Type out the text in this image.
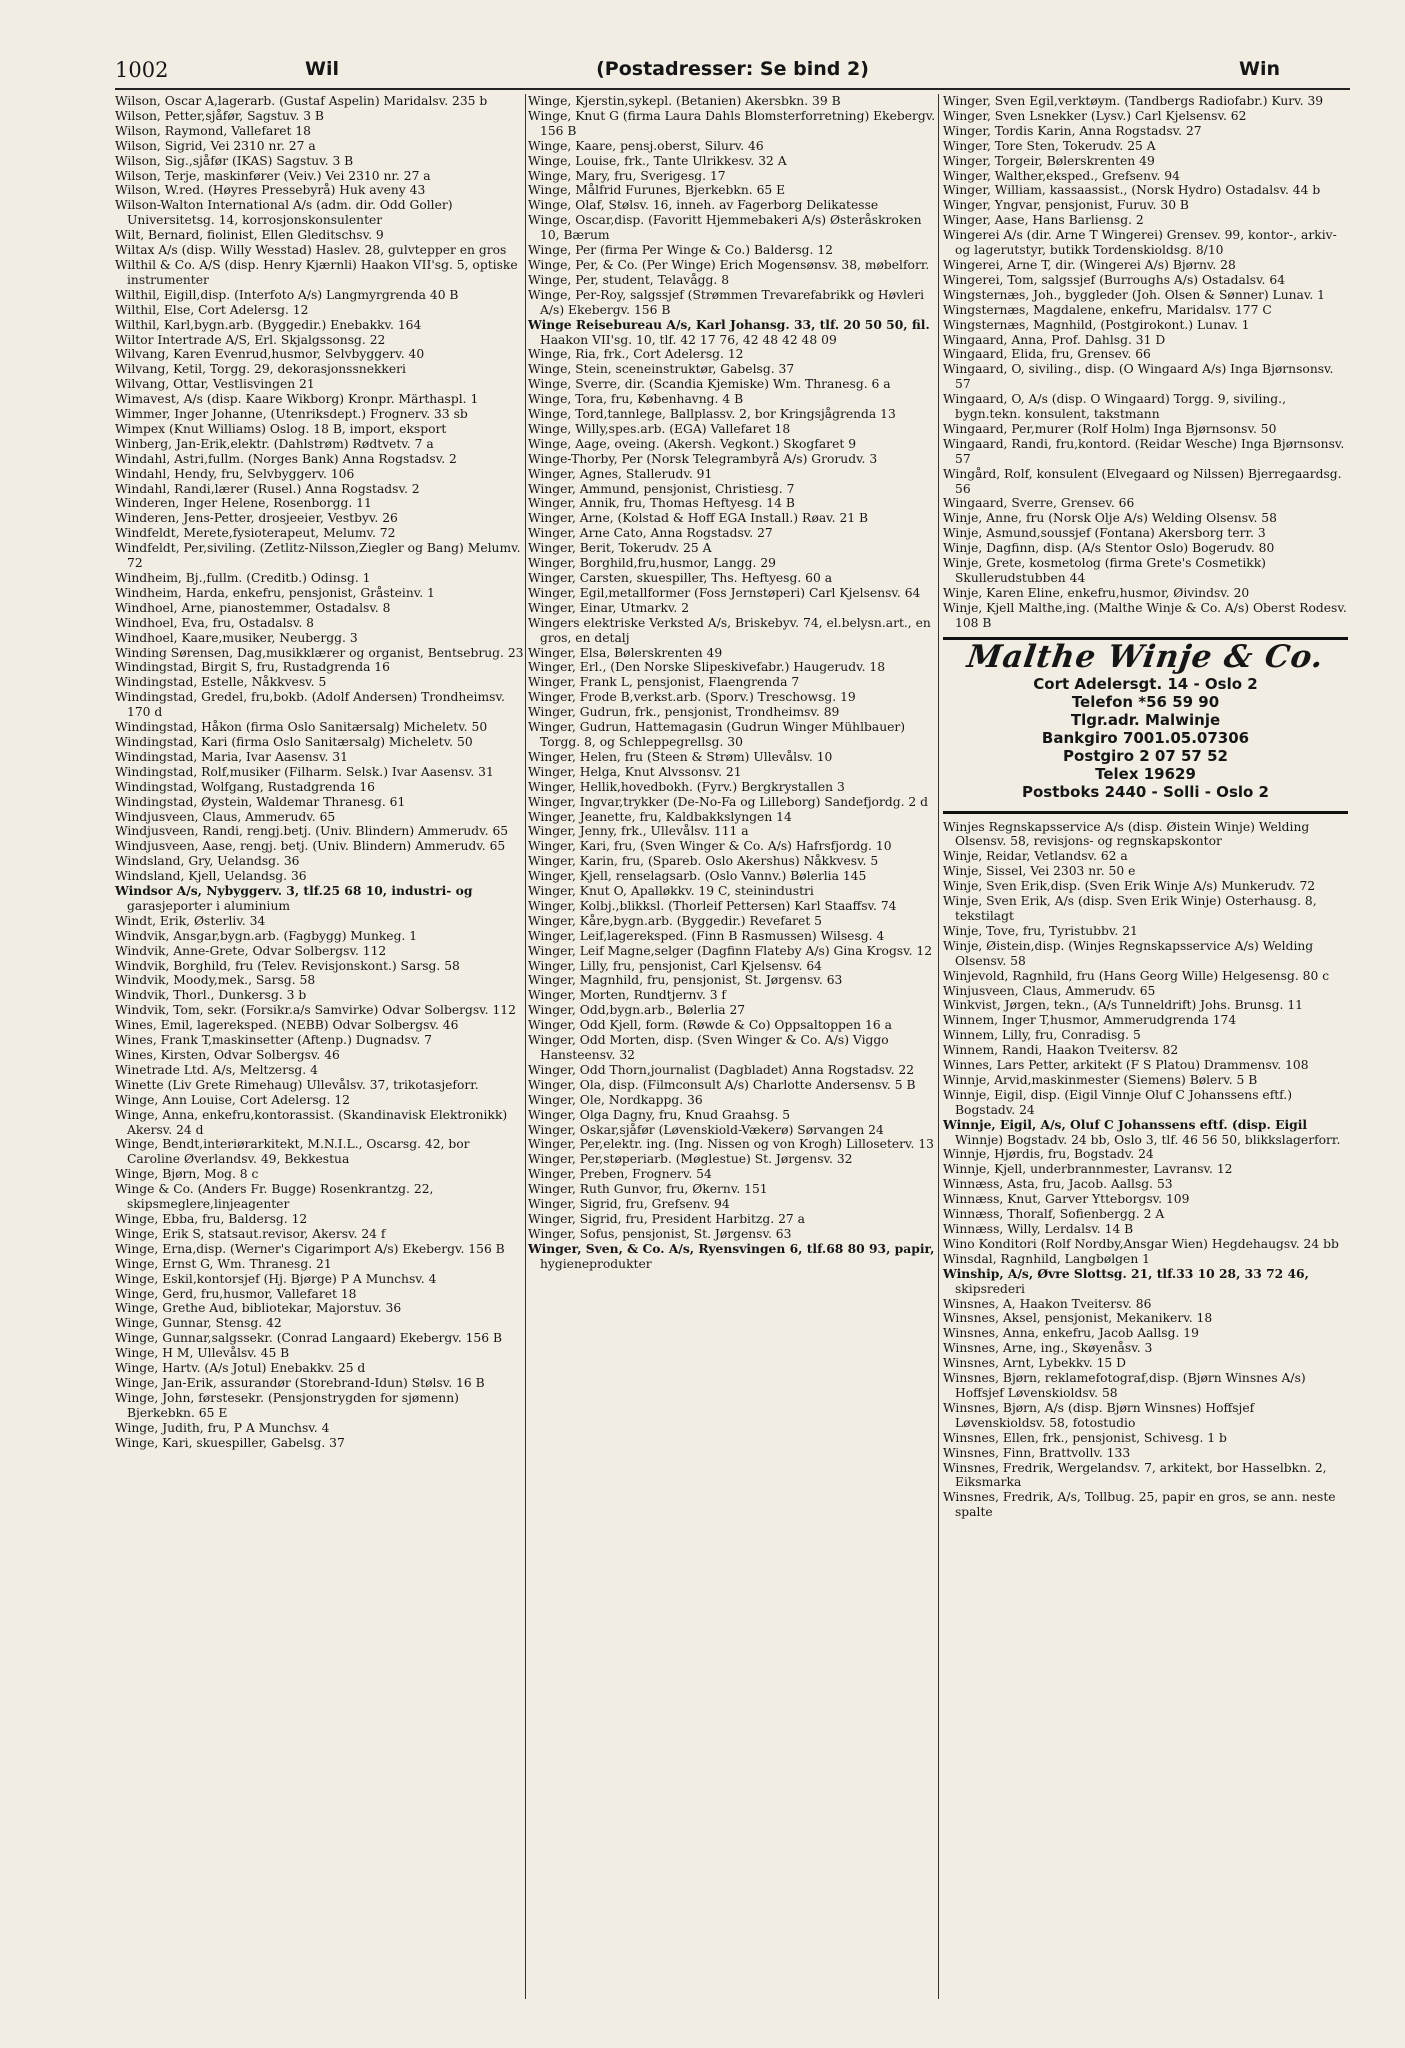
1002	Wil	(Postadresser: Se bind 2)	Win
Wilson, Oscar A,lagerarb. (Gustaf Aspelin) Maridalsv. 235 b
Wilson, Petter,sjåfør, Sagstuv. 3 B
Wilson, Raymond, Vallefaret 18
Wilson, Sigrid, Vei 2310 nr. 27 a
Wilson, Sig.,sjåfør (IKAS) Sagstuv. 3 B
Wilson, Terje, maskinfører (Veiv.) Vei 2310 nr. 27 a
Wilson, W.red. (Høyres Pressebyrå) Huk aveny 43
Wilson-Walton International A/s (adm. dir. Odd Goller) Universitetsg. 14, korrosjonskonsulenter
Wilt, Bernard, fiolinist, Ellen Gleditschsv. 9
Wiltax A/s (disp. Willy Wesstad) Haslev. 28, gulvtepper en gros
Wilthil & Co. A/S (disp. Henry Kjærnli) Haakon VII'sg. 5, optiske instrumenter
Wilthil, Eigill,disp. (Interfoto A/s) Langmyrgrenda 40 B
Wilthil, Else, Cort Adelersg. 12
Wilthil, Karl,bygn.arb. (Byggedir.) Enebakkv. 164
Wiltor Intertrade A/S, Erl. Skjalgssonsg. 22
Wilvang, Karen Evenrud,husmor, Selvbyggerv. 40
Wilvang, Ketil, Torgg. 29, dekorasjonssnekkeri
Wilvang, Ottar, Vestlisvingen 21
Wimavest, A/s (disp. Kaare Wikborg) Kronpr. Märthaspl. 1
Wimmer, Inger Johanne, (Utenriksdept.) Frognerv. 33 sb
Wimpex (Knut Williams) Oslog. 18 B, import, eksport
Winberg, Jan-Erik,elektr. (Dahlstrøm) Rødtvetv. 7 a
Windahl, Astri,fullm. (Norges Bank) Anna Rogstadsv. 2
Windahl, Hendy, fru, Selvbyggerv. 106
Windahl, Randi,lærer (Rusel.) Anna Rogstadsv. 2
Winderen, Inger Helene, Rosenborgg. 11
Winderen, Jens-Petter, drosjeeier, Vestbyv. 26
Windfeldt, Merete,fysioterapeut, Melumv. 72
Windfeldt, Per,siviling. (Zetlitz-Nilsson,Ziegler og Bang) Melumv. 72
Windheim, Bj.,fullm. (Creditb.) Odinsg. 1
Windheim, Harda, enkefru, pensjonist, Gråsteinv. 1
Windhoel, Arne, pianostemmer, Ostadalsv. 8
Windhoel, Eva, fru, Ostadalsv. 8
Windhoel, Kaare,musiker, Neubergg. 3
Winding Sørensen, Dag,musikklærer og organist, Bentsebrug. 23
Windingstad, Birgit S, fru, Rustadgrenda 16
Windingstad, Estelle, Nåkkvesv. 5
Windingstad, Gredel, fru,bokb. (Adolf Andersen) Trondheimsv. 170 d
Windingstad, Håkon (firma Oslo Sanitærsalg) Micheletv. 50
Windingstad, Kari (firma Oslo Sanitærsalg) Micheletv. 50
Windingstad, Maria, Ivar Aasensv. 31
Windingstad, Rolf,musiker (Filharm. Selsk.) Ivar Aasensv. 31
Windingstad, Wolfgang, Rustadgrenda 16
Windingstad, Øystein, Waldemar Thranesg. 61
Windjusveen, Claus, Ammerudv. 65
Windjusveen, Randi, rengj.betj. (Univ. Blindern) Ammerudv. 65
Windjusveen, Aase, rengj. betj. (Univ. Blindern) Ammerudv. 65
Windsland, Gry, Uelandsg. 36
Windsland, Kjell, Uelandsg. 36
Windsor A/s, Nybyggerv. 3, tlf.25 68 10, industri- og garasjeporter i aluminium
Windt, Erik, Østerliv. 34
Windvik, Ansgar,bygn.arb. (Fagbygg) Munkeg. 1
Windvik, Anne-Grete, Odvar Solbergsv. 112
Windvik, Borghild, fru (Telev. Revisjonskont.) Sarsg. 58
Windvik, Moody,mek., Sarsg. 58
Windvik, Thorl., Dunkersg. 3 b
Windvik, Tom, sekr. (Forsikr.a/s Samvirke) Odvar Solbergsv. 112
Wines, Emil, lagereksped. (NEBB) Odvar Solbergsv. 46
Wines, Frank T,maskinsetter (Aftenp.) Dugnadsv. 7
Wines, Kirsten, Odvar Solbergsv. 46
Winetrade Ltd. A/s, Meltzersg. 4
Winette (Liv Grete Rimehaug) Ullevålsv. 37, trikotasjefo​rr.
Winge, Ann Louise, Cort Adelersg. 12
Winge, Anna, enkefru,kontorassist. (Skandinavisk Elektronikk) Akersv. 24 d
Winge, Bendt,interiørarkitekt, M.N.I.L., Oscarsg. 42, bor Caroline Øverlandsv. 49, Bekkestua
Winge, Bjørn, Mog. 8 c
Winge & Co. (Anders Fr. Bugge) Rosenkrantzg. 22, skipsmeglere,linjeagenter
Winge, Ebba, fru, Baldersg. 12
Winge, Erik S, statsaut.revisor, Akersv. 24 f
Winge, Erna,disp. (Werner's Cigarimport A/s) Ekebergv. 156 B
Winge, Ernst G, Wm. Thranesg. 21
Winge, Eskil,kontorsjef (Hj. Bjørge) P A Munchsv. 4
Winge, Gerd, fru,husmor, Vallefaret 18
Winge, Grethe Aud, bibliotekar, Majorstuv. 36
Winge, Gunnar, Stensg. 42
Winge, Gunnar,salgssekr. (Conrad Langaard) Ekebergv. 156 B
Winge, H M, Ullevålsv. 45 B
Winge, Hartv. (A/s Jotul) Enebakkv. 25 d
Winge, Jan-Erik, assurandør (Storebrand-Idun) Stølsv. 16 B
Winge, John, førstesekr. (Pensjonstrygden for sjømenn) Bjerkebkn. 65 E
Winge, Judith, fru, P A Munchsv. 4
Winge, Kari, skuespiller, Gabelsg. 37
Winge, Kjerstin,sykepl. (Betanien) Akersbkn. 39 B
Winge, Knut G (firma Laura Dahls Blomsterforretning) Ekebergv. 156 B
Winge, Kaare, pensj.oberst, Silurv. 46
Winge, Louise, frk., Tante Ulrikkesv. 32 A
Winge, Mary, fru, Sverigesg. 17
Winge, Målfrid Furunes, Bjerkebkn. 65 E
Winge, Olaf, Stølsv. 16, inneh. av Fagerborg Delikatesse
Winge, Oscar,disp. (Favoritt Hjemmebakeri A/s) Østeråskroken 10, Bærum
Winge, Per (firma Per Winge & Co.) Baldersg. 12
Winge, Per, & Co. (Per Winge) Erich Mogensønsv. 38, møbelforr.
Winge, Per, student, Telavågg. 8
Winge, Per-Roy, salgssjef (Strømmen Trevarefabrikk og Høvleri A/s) Ekebergv. 156 B
Winge Reisebureau A/s, Karl Johansg. 33, tlf. 20 50 50, fil. Haakon VII'sg. 10, tlf. 42 17 76, 42 48 42 48 09
Winge, Ria, frk., Cort Adelersg. 12
Winge, Stein, sceneinstruktør, Gabelsg. 37
Winge, Sverre, dir. (Scandia Kjemiske) Wm. Thranesg. 6 a
Winge, Tora, fru, Københavng. 4 B
Winge, Tord,tannlege, Ballplassv. 2, bor Kringsjågrenda 13
Winge, Willy,spes.arb. (EGA) Vallefaret 18
Winge, Aage, oveing. (Akersh. Vegkont.) Skogfaret 9
Winge-Thorby, Per (Norsk Telegrambyrå A/s) Grorudv. 3
Winger, Agnes, Stallerudv. 91
Winger, Ammund, pensjonist, Christiesg. 7
Winger, Annik, fru, Thomas Heftyesg. 14 B
Winger, Arne, (Kolstad & Hoff EGA Install.) Røav. 21 B
Winger, Arne Cato, Anna Rogstadsv. 27
Winger, Berit, Tokerudv. 25 A
Winger, Borghild,fru,husmor, Langg. 29
Winger, Carsten, skuespiller, Ths. Heftyesg. 60 a
Winger, Egil,metallformer (Foss Jernstøperi) Carl Kjelsensv. 64
Winger, Einar, Utmarkv. 2
Wingers elektriske Verksted A/s, Briskebyv. 74, el.belysn.art., en gros, en detalj
Winger, Elsa, Bølerskrenten 49
Winger, Erl., (Den Norske Slipeskivefabr.) Haugerudv. 18
Winger, Frank L, pensjonist, Flaengrenda 7
Winger, Frode B,verkst.arb. (Sporv.) Treschowsg. 19
Winger, Gudrun, frk., pensjonist, Trondheimsv. 89
Winger, Gudrun, Hattemagasin (Gudrun Winger Mühlbauer) Torgg. 8, og Schleppegrellsg. 30
Winger, Helen, fru (Steen & Strøm) Ullevålsv. 10
Winger, Helga, Knut Alvssonsv. 21
Winger, Hellik,hovedbokh. (Fyrv.) Bergkrystallen 3
Winger, Ingvar,trykker (De-No-Fa og Lilleborg) Sandefjordg. 2 d
Winger, Jeanette, fru, Kaldbakkslyngen 14
Winger, Jenny, frk., Ullevålsv. 111 a
Winger, Kari, fru, (Sven Winger & Co. A/s) Hafrsfjordg. 10
Winger, Karin, fru, (Spareb. Oslo Akershus) Nåkkvesv. 5
Winger, Kjell, renselagsarb. (Oslo Vannv.) Bølerlia 145
Winger, Knut O, Apalløkkv. 19 C, steinindustri
Winger, Kolbj.,blikksl. (Thorleif Pettersen) Karl Staaffsv. 74
Winger, Kåre,bygn.arb. (Byggedir.) Revefaret 5
Winger, Leif,lagereksped. (Finn B Rasmussen) Wilsesg. 4
Winger, Leif Magne,selger (Dagfinn Flateby A/s) Gina Krogsv. 12
Winger, Lilly, fru, pensjonist, Carl Kjelsensv. 64
Winger, Magnhild, fru, pensjonist, St. Jørgensv. 63
Winger, Morten, Rundtjernv. 3 f
Winger, Odd,bygn.arb., Bølerlia 27
Winger, Odd Kjell, form. (Røwde & Co) Oppsaltoppen 16 a
Winger, Odd Morten, disp. (Sven Winger & Co. A/s) Viggo Hansteensv. 32
Winger, Odd Thorn,journalist (Dagbladet) Anna Rogstadsv. 22
Winger, Ola, disp. (Filmconsult A/s) Charlotte Andersensv. 5 B
Winger, Ole, Nordkappg. 36
Winger, Olga Dagny, fru, Knud Graahsg. 5
Winger, Oskar,sjåfør (Løvenskiold-Vækerø) Sørvangen 24
Winger, Per,elektr. ing. (Ing. Nissen og von Krogh) Lilloseterv. 13
Winger, Per,støperiarb. (Møglestue) St. Jørgensv. 32
Winger, Preben, Frognerv. 54
Winger, Ruth Gunvor, fru, Økernv. 151
Winger, Sigrid, fru, Grefsenv. 94
Winger, Sigrid, fru, President Harbitzg. 27 a
Winger, Sofus, pensjonist, St. Jørgensv. 63
Winger, Sven, & Co. A/s, Ryensvingen 6, tlf.68 80 93, papir, hygieneprodukter
Winger, Sven Egil,verktøym. (Tandbergs Radiofabr.) Kurv. 39
Winger, Sven Lsnekker (Lysv.) Carl Kjelsensv. 62
Winger, Tordis Karin, Anna Rogstadsv. 27
Winger, Tore Sten, Tokerudv. 25 A
Winger, Torgeir, Bølerskrenten 49
Winger, Walther,eksped., Grefsenv. 94
Winger, William, kassaassist., (Norsk Hydro) Ostadalsv. 44 b
Winger, Yngvar, pensjonist, Furuv. 30 B
Winger, Aase, Hans Barliensg. 2
Wingerei A/s (dir. Arne T Wingerei) Grensev. 99, kontor-, arkiv- og lagerutstyr, butikk Tordenskioldsg. 8/10
Wingerei, Arne T, dir. (Wingerei A/s) Bjørnv. 28
Wingerei, Tom, salgssjef (Burroughs A/s) Ostadalsv. 64
Wingsternæs, Joh., byggleder (Joh. Olsen & Sønner) Lunav. 1
Wingsternæs, Magdalene, enkefru, Maridalsv. 177 C
Wingsternæs, Magnhild, (Postgirokont.) Lunav. 1
Wingaard, Anna, Prof. Dahlsg. 31 D
Wingaard, Elida, fru, Grensev. 66
Wingaard, O, siviling., disp. (O Wingaard A/s) Inga Bjørnsonsv. 57
Wingaard, O, A/s (disp. O Wingaard) Torgg. 9, siviling., bygn.tekn. konsulent, takstmann
Wingaard, Per,murer (Rolf Holm) Inga Bjørnsonsv. 50
Wingaard, Randi, fru,kontord. (Reidar Wesche) Inga Bjørnsonsv. 57
Wingård, Rolf, konsulent (Elvegaard og Nilssen) Bjerregaardsg. 56
Wingaard, Sverre, Grensev. 66
Winje, Anne, fru (Norsk Olje A/s) Welding Olsensv. 58
Winje, Asmund,soussjef (Fontana) Akersborg terr. 3
Winje, Dagfinn, disp. (A/s Stentor Oslo) Bogerudv. 80
Winje, Grete, kosmetolog (firma Grete's Cosmetikk) Skullerudstubben 44
Winje, Karen Eline, enkefru,husmor, Øivindsv. 20
Winje, Kjell Malthe,ing. (Malthe Winje & Co. A/s) Oberst Rodesv. 108 B
Malthe Winje & Co.
Cort Adelersgt. 14 - Oslo 2
Telefon *56 59 90
Tlgr.adr. Malwinje
Bankgiro 7001.05.07306
Postgiro 2 07 57 52
Telex 19629
Postboks 2440 - Solli - Oslo 2
Winjes Regnskapsservice A/s (disp. Øistein Winje) Welding Olsensv. 58, revisjons- og regnskapskontor
Winje, Reidar, Vetlandsv. 62 a
Winje, Sissel, Vei 2303 nr. 50 e
Winje, Sven Erik,disp. (Sven Erik Winje A/s) Munkerudv. 72
Winje, Sven Erik, A/s (disp. Sven Erik Winje) Osterhausg. 8, tekstilagt
Winje, Tove, fru, Tyristubbv. 21
Winje, Øistein,disp. (Winjes Regnskapsservice A/s) Welding Olsensv. 58
Winjevold, Ragnhild, fru (Hans Georg Wille) Helgesensg. 80 c
Winjusveen, Claus, Ammerudv. 65
Winkvist, Jørgen, tekn., (A/s Tunneldrift) Johs. Brunsg. 11
Winnem, Inger T,husmor, Ammerudgrenda 174
Winnem, Lilly, fru, Conradisg. 5
Winnem, Randi, Haakon Tveitersv. 82
Winnes, Lars Petter, arkitekt (F S Platou) Drammensv. 108
Winnje, Arvid,maskinmester (Siemens) Bølerv. 5 B
Winnje, Eigil, disp. (Eigil Vinnje Oluf C Johanssens eftf.) Bogstadv. 24
Winnje, Eigil, A/s, Oluf C Johanssens eftf. (disp. Eigil Winnje) Bogstadv. 24 bb, Oslo 3, tlf. 46 56 50, blikkslagerforr.
Winnje, Hjørdis, fru, Bogstadv. 24
Winnje, Kjell, underbrannmester, Lavransv. 12
Winnæss, Asta, fru, Jacob. Aallsg. 53
Winnæss, Knut, Garver Ytteborgsv. 109
Winnæss, Thoralf, Sofienbergg. 2 A
Winnæss, Willy, Lerdalsv. 14 B
Wino Konditori (Rolf Nordby,Ansgar Wien) Hegdehaugsv. 24 bb
Winsdal, Ragnhild, Langbølgen 1
Winship, A/s, Øvre Slottsg. 21, tlf.33 10 28, 33 72 46, skipsrederi
Winsnes, A, Haakon Tveitersv. 86
Winsnes, Aksel, pensjonist, Mekanikerv. 18
Winsnes, Anna, enkefru, Jacob Aallsg. 19
Winsnes, Arne, ing., Skøyenåsv. 3
Winsnes, Arnt, Lybekkv. 15 D
Winsnes, Bjørn, reklamefotograf,disp. (Bjørn Winsnes A/s) Hoffsjef Løvenskioldsv. 58
Winsnes, Bjørn, A/s (disp. Bjørn Winsnes) Hoffsjef Løvenskioldsv. 58, fotostudio
Winsnes, Ellen, frk., pensjonist, Schivesg. 1 b
Winsnes, Finn, Brattvollv. 133
Winsnes, Fredrik, Wergelandsv. 7, arkitekt, bor Hasselbkn. 2, Eiksmarka
Winsnes, Fredrik, A/s, Tollbug. 25, papir en gros, se ann. neste spalte
